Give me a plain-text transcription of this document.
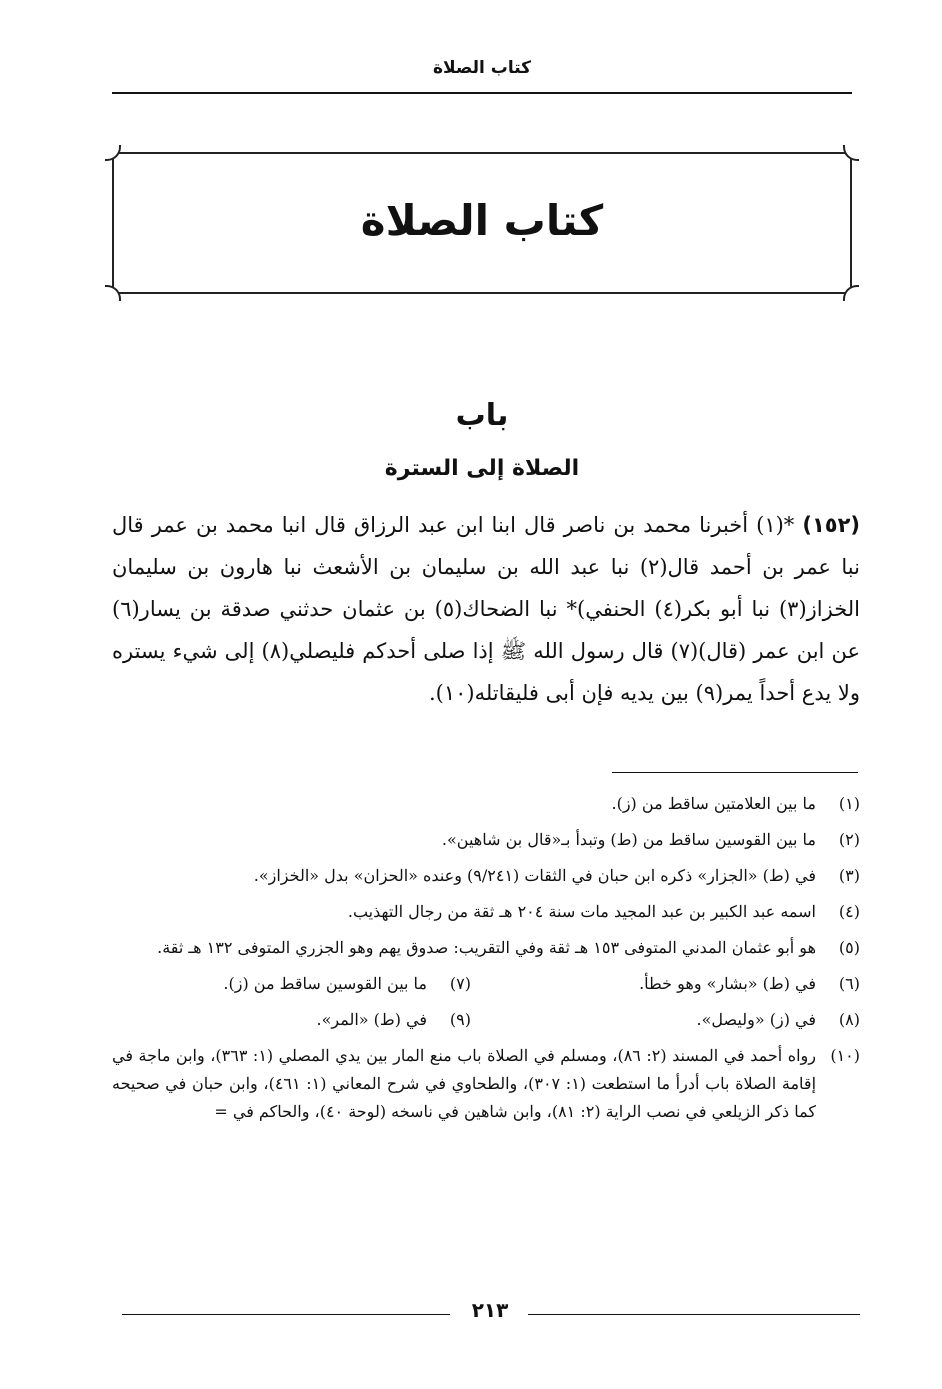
كتاب الصلاة
كتاب الصلاة
باب
الصلاة إلى السترة
(١٥٢) *(١) أخبرنا محمد بن ناصر قال ابنا ابن عبد الرزاق قال انبا محمد بن عمر قال نبا عمر بن أحمد قال(٢) نبا عبد الله بن سليمان بن الأشعث نبا هارون بن سليمان الخزاز(٣) نبا أبو بكر(٤) الحنفي)* نبا الضحاك(٥) بن عثمان حدثني صدقة بن يسار(٦) عن ابن عمر (قال)(٧) قال رسول الله ﷺ إذا صلى أحدكم فليصلي(٨) إلى شيء يستره ولا يدع أحداً يمر(٩) بين يديه فإن أبى فليقاتله(١٠).
(١)
ما بين العلامتين ساقط من (ز).
(٢)
ما بين القوسين ساقط من (ط) وتبدأ بـ«قال بن شاهين».
(٣)
في (ط) «الجزار» ذكره ابن حبان في الثقات (٩/٢٤١) وعنده «الحزان» بدل «الخزاز».
(٤)
اسمه عبد الكبير بن عبد المجيد مات سنة ٢٠٤ هـ ثقة من رجال التهذيب.
(٥)
هو أبو عثمان المدني المتوفى ١٥٣ هـ ثقة وفي التقريب: صدوق يهم وهو الجزري المتوفى ١٣٢ هـ ثقة.
(٦)
في (ط) «بشار» وهو خطأ.
(٧)
ما بين القوسين ساقط من (ز).
(٨)
في (ز) «وليصل».
(٩)
في (ط) «المر».
(١٠)
رواه أحمد في المسند (٢: ٨٦)، ومسلم في الصلاة باب منع المار بين يدي المصلي (١: ٣٦٣)، وابن ماجة في إقامة الصلاة باب أدرأ ما استطعت (١: ٣٠٧)، والطحاوي في شرح المعاني (١: ٤٦١)، وابن حبان في صحيحه كما ذكر الزيلعي في نصب الراية (٢: ٨١)، وابن شاهين في ناسخه (لوحة ٤٠)، والحاكم في =
٢١٣
